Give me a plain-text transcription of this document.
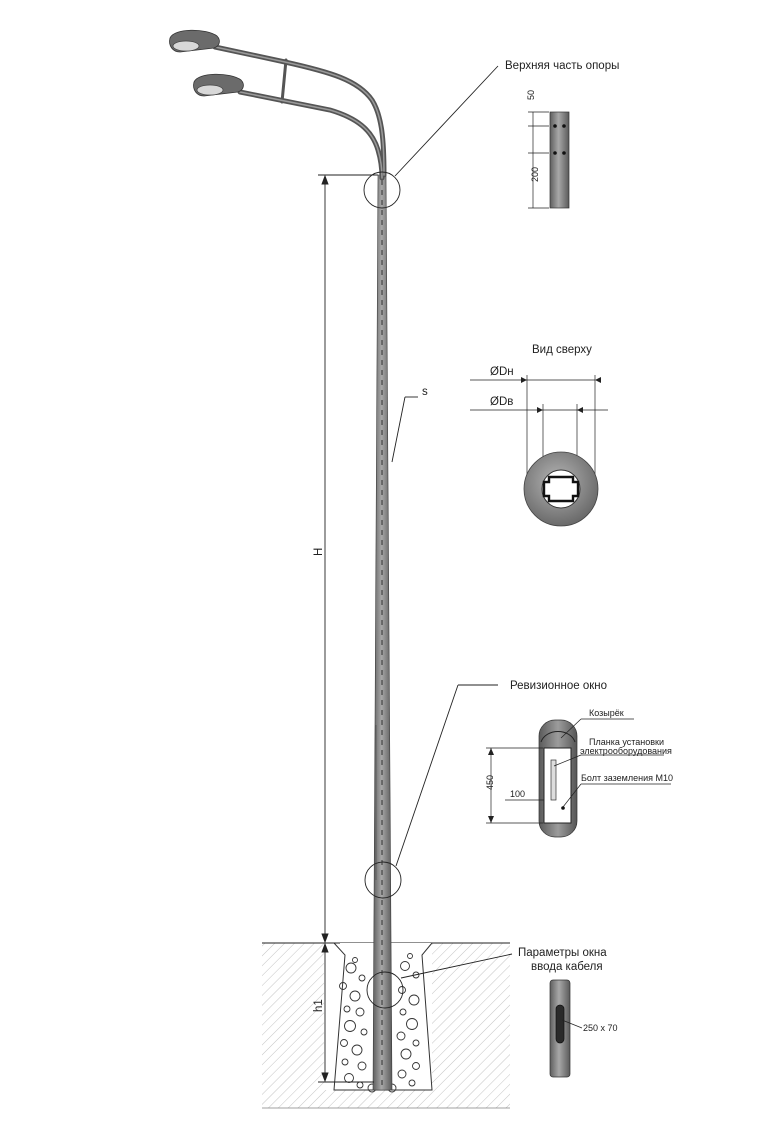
H
h1
Верхняя часть опоры
50
200
s
Вид сверху
ØDн
ØDв
Ревизионное окно
Козырёк
Планка установки
электрооборудования
Болт заземления М10
450
100
Параметры окна
ввода кабеля
250 x 70
